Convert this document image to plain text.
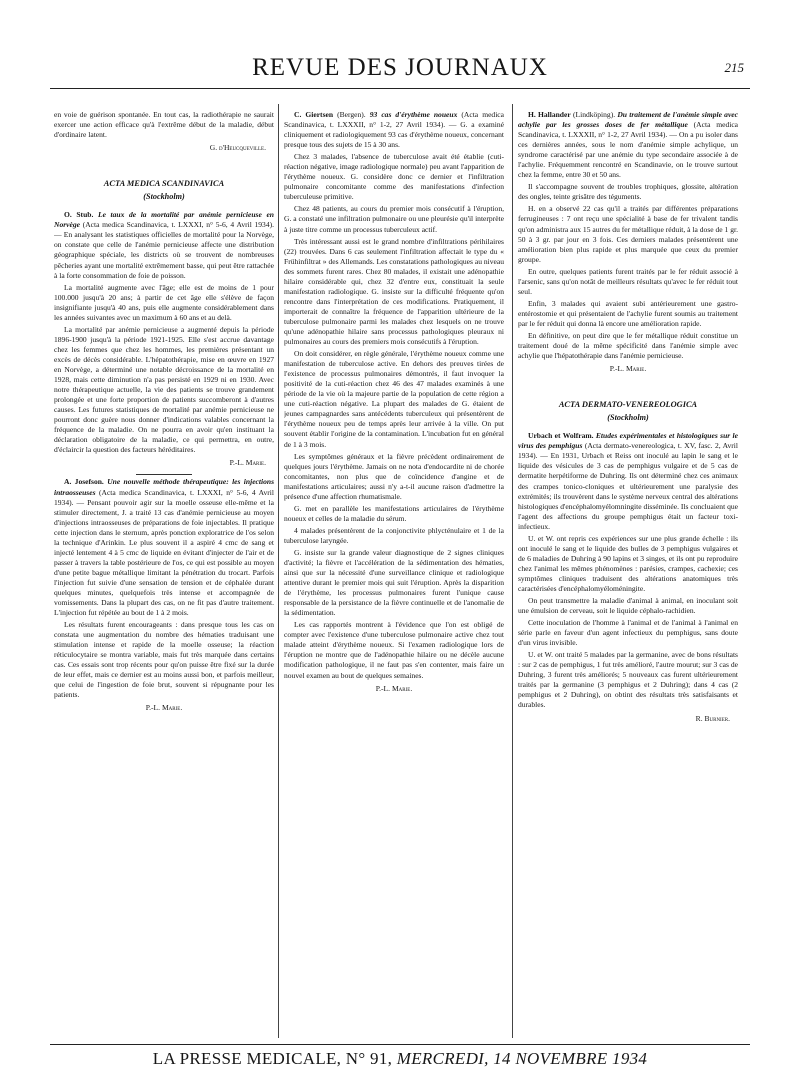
REVUE DES JOURNAUX	215

en voie de guérison spontanée. En tout cas, la radiothérapie ne saurait exercer une action efficace qu'à l'extrême début de la maladie, début d'ordinaire latent.

G. d'Heucqueville.

ACTA MEDICA SCANDINAVICA
(Stockholm)

O. Stub. Le taux de la mortalité par anémie pernicieuse en Norvège (Acta medica Scandinavica, t. LXXXI, n° 5-6, 4 Avril 1934). — En analysant les statistiques officielles de mortalité pour la Norvège, on constate que celle de l'anémie pernicieuse affecte une distribution géographique spéciale, les districts où se trouvent de nombreuses pêcheries ayant une mortalité extrêmement basse, qui peut être rattachée à la forte consommation de foie de poisson.

La mortalité augmente avec l'âge; elle est de moins de 1 pour 100.000 jusqu'à 20 ans; à partir de cet âge elle s'élève de façon insignifiante jusqu'à 40 ans, puis elle augmente considérablement dans les années suivantes avec un maximum à 60 ans et au delà.

La mortalité par anémie pernicieuse a augmenté depuis la période 1896-1900 jusqu'à la période 1921-1925. Elle s'est accrue davantage chez les femmes que chez les hommes, les premières présentant un excès de décès considérable. L'hépatothérapie, mise en œuvre en 1927 en Norvège, a déterminé une notable décroissance de la mortalité en 1928, mais cette diminution n'a pas persisté en 1929 ni en 1930. Avec notre thérapeutique actuelle, la vie des patients se trouve grandement prolongée et une forte proportion de patients succomberont à d'autres causes. Les futures statistiques de mortalité par anémie pernicieuse ne pourront donc guère nous donner d'indications valables concernant la fréquence de la maladie. On ne pourra en avoir qu'en instituant la déclaration obligatoire de la maladie, ce qui permettra, en outre, d'éclaircir la question des facteurs héréditaires.

P.-L. Marie.

A. Josefson. Une nouvelle méthode thérapeutique: les injections intraosseuses (Acta medica Scandinavica, t. LXXXI, n° 5-6, 4 Avril 1934). — Pensant pouvoir agir sur la moelle osseuse elle-même et la stimuler directement, J. a traité 13 cas d'anémie pernicieuse au moyen d'injections intraosseuses de préparations de foie injectables. Il pratique cette injection dans le sternum, après ponction exploratrice de l'os selon la technique d'Arinkin. Le plus souvent il a aspiré 4 cmc de sang et injecté lentement 4 à 5 cmc de liquide en évitant d'injecter de l'air et de passer à travers la table postérieure de l'os, ce qui est possible au moyen d'une petite bague métallique limitant la pénétration du trocart. Parfois l'injection fut suivie d'une sensation de tension et de céphalée durant quelques minutes, quelquefois très intense et accompagnée de vomissements. Dans la plupart des cas, on ne fit pas d'autre traitement. L'injection fut répétée au bout de 1 à 2 mois.

Les résultats furent encourageants : dans presque tous les cas on constata une augmentation du nombre des hématies traduisant une stimulation intense et rapide de la moelle osseuse; la réaction réticulocytaire se montra variable, mais fut très marquée dans certains cas. Ces essais sont trop récents pour qu'on puisse être fixé sur la durée de leur effet, mais ce dernier est au moins aussi bon, et parfois meilleur, que celui de l'ingestion de foie brut, souvent si répugnante pour les patients.

P.-L. Marie.

C. Giertsen (Bergen). 93 cas d'érythème noueux (Acta medica Scandinavica, t. LXXXII, n° 1-2, 27 Avril 1934). — G. a examiné cliniquement et radiologiquement 93 cas d'érythème noueux, concernant presque tous des sujets de 15 à 30 ans.

Chez 3 malades, l'absence de tuberculose avait été établie (cuti-réaction négative, image radiologique normale) peu avant l'apparition de l'érythème noueux. G. considère donc ce dernier et l'infiltration pulmonaire concomitante comme des manifestations d'infection tuberculeuse primitive.

Chez 48 patients, au cours du premier mois consécutif à l'éruption, G. a constaté une infiltration pulmonaire ou une pleurésie qu'il interprète à juste titre comme un processus tuberculeux actif.

Très intéressant aussi est le grand nombre d'infiltrations périhilaires (22) trouvées. Dans 6 cas seulement l'infiltration affectait le type du « Frühinfiltrat » des Allemands. Les constatations pathologiques au niveau des sommets furent rares. Chez 80 malades, il existait une adénopathie hilaire considérable qui, chez 32 d'entre eux, constituait la seule manifestation radiologique. G. insiste sur la difficulté fréquente qu'on rencontre dans l'interprétation de ces modifications. Pratiquement, il importerait de connaître la fréquence de l'apparition ultérieure de la tuberculose pulmonaire parmi les malades chez lesquels on ne trouve qu'une adénopathie hilaire sans processus pathologiques pleuraux ni pulmonaires au cours des premiers mois consécutifs à l'éruption.

On doit considérer, en règle générale, l'érythème noueux comme une manifestation de tuberculose active. En dehors des preuves tirées de l'existence de processus pulmonaires démontrés, il faut invoquer la positivité de la cuti-réaction chez 46 des 47 malades examinés à une période de la vie où la majeure partie de la population de cette région a une cuti-réaction négative. La plupart des malades de G. étaient de jeunes campagnardes sans antécédents tuberculeux qui présentèrent de l'érythème noueux peu de temps après leur arrivée à la ville. On put souvent établir l'origine de la contamination. L'incubation fut en général de 1 à 3 mois.

Les symptômes généraux et la fièvre précèdent ordinairement de quelques jours l'érythème. Jamais on ne nota d'endocardite ni de chorée concomitantes, non plus que de coïncidence d'angine et de manifestations articulaires; aussi n'y a-t-il aucune raison d'admettre la présence d'une affection rhumatismale.

G. met en parallèle les manifestations articulaires de l'érythème noueux et celles de la maladie du sérum.

4 malades présentèrent de la conjonctivite phlycténulaire et 1 de la tuberculose laryngée.

G. insiste sur la grande valeur diagnostique de 2 signes cliniques d'activité; la fièvre et l'accélération de la sédimentation des hématies, ainsi que sur la nécessité d'une surveillance clinique et radiologique attentive durant le premier mois qui suit l'éruption. Après la disparition de l'érythème, les processus pulmonaires furent l'unique cause responsable de la persistance de la fièvre continuelle et de l'anomalie de la sédimentation.

Les cas rapportés montrent à l'évidence que l'on est obligé de compter avec l'existence d'une tuberculose pulmonaire active chez tout malade atteint d'érythème noueux. Si l'examen radiologique lors de l'éruption ne montre que de l'adénopathie hilaire ou ne décèle aucune modification pathologique, il ne faut pas s'en contenter, mais faire un nouvel examen au bout de quelques semaines.

P.-L. Marie.

H. Hallander (Lindköping). Du traitement de l'anémie simple avec achylie par les grosses doses de fer métallique (Acta medica Scandinavica, t. LXXXII, n° 1-2, 27 Avril 1934). — On a pu isoler dans ces dernières années, sous le nom d'anémie simple achylique, un syndrome caractérisé par une anémie du type secondaire associée à de l'achylie. Fréquemment rencontré en Scandinavie, on le trouve surtout chez la femme, entre 30 et 50 ans.

Il s'accompagne souvent de troubles trophiques, glossite, altération des ongles, teinte grisâtre des téguments.

H. en a observé 22 cas qu'il a traités par différentes préparations ferrugineuses : 7 ont reçu une spécialité à base de fer trivalent tandis qu'on administra aux 15 autres du fer métallique réduit, à la dose de 1 gr. 50 à 3 gr. par jour en 3 fois. Ces derniers malades présentèrent une amélioration bien plus rapide et plus marquée que ceux du premier groupe.

En outre, quelques patients furent traités par le fer réduit associé à l'arsenic, sans qu'on notât de meilleurs résultats qu'avec le fer réduit tout seul.

Enfin, 3 malades qui avaient subi antérieurement une gastro-entérostomie et qui présentaient de l'achylie furent soumis au traitement par le fer réduit qui donna là encore une amélioration rapide.

En définitive, on peut dire que le fer métallique réduit constitue un traitement doué de la même spécificité dans l'anémie simple avec achylie que l'hépatothérapie dans l'anémie pernicieuse.

P.-L. Marie.

ACTA DERMATO-VENEREOLOGICA
(Stockholm)

Urbach et Wolfram. Etudes expérimentales et histologiques sur le virus des pemphigus (Acta dermato-venereologica, t. XV, fasc. 2, Avril 1934). — En 1931, Urbach et Reiss ont inoculé au lapin le sang et le liquide des vésicules de 3 cas de pemphigus vulgaire et de 5 cas de dermatite herpétiforme de Duhring. Ils ont déterminé chez ces animaux des crampes tonico-cloniques et ultérieurement une paralysie des extrémités; ils trouvèrent dans le système nerveux central des altérations histologiques d'encéphalomyélomningite disséminée. Ils concluaient que l'agent des affections du groupe pemphigus était un facteur toxi-infectieux.

U. et W. ont repris ces expériences sur une plus grande échelle : ils ont inoculé le sang et le liquide des bulles de 3 pemphigus vulgaires et de 6 maladies de Duhring à 90 lapins et 3 singes, et ils ont pu reproduire chez l'animal les mêmes phénomènes : parésies, crampes, cachexie; ces symptômes cliniques traduisent des altérations anatomiques très caractérisées d'encéphalomyéloméningite.

On peut transmettre la maladie d'animal à animal, en inoculant soit une émulsion de cerveau, soit le liquide céphalo-rachidien.

Cette inoculation de l'homme à l'animal et de l'animal à l'animal en série parle en faveur d'un agent infectieux du pemphigus, sans doute d'un virus invisible.

U. et W. ont traité 5 malades par la germanine, avec de bons résultats : sur 2 cas de pemphigus, 1 fut très amélioré, l'autre mourut; sur 3 cas de Duhring, 3 furent très améliorés; 5 nouveaux cas furent ultérieurement traités par la germanine (3 pemphigus et 2 Duhring); dans 4 cas (2 pemphigus et 2 Duhring), on obtint des résultats très satisfaisants et durables.

R. Burnier.

LA PRESSE MEDICALE, N° 91, MERCREDI, 14 NOVEMBRE 1934
